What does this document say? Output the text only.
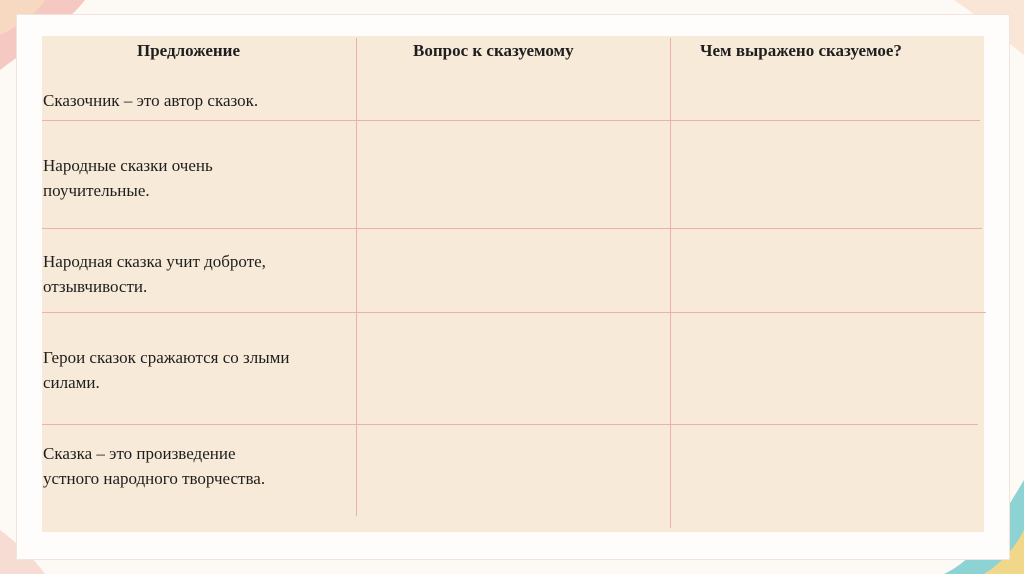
Предложение	Вопрос к сказуемому	Чем выражено сказуемое?
Сказочник – это автор сказок.
Народные сказки очень
поучительные.
Народная сказка учит доброте,
отзывчивости.
Герои сказок сражаются со злыми
силами.
Сказка – это произведение
устного народного творчества.
